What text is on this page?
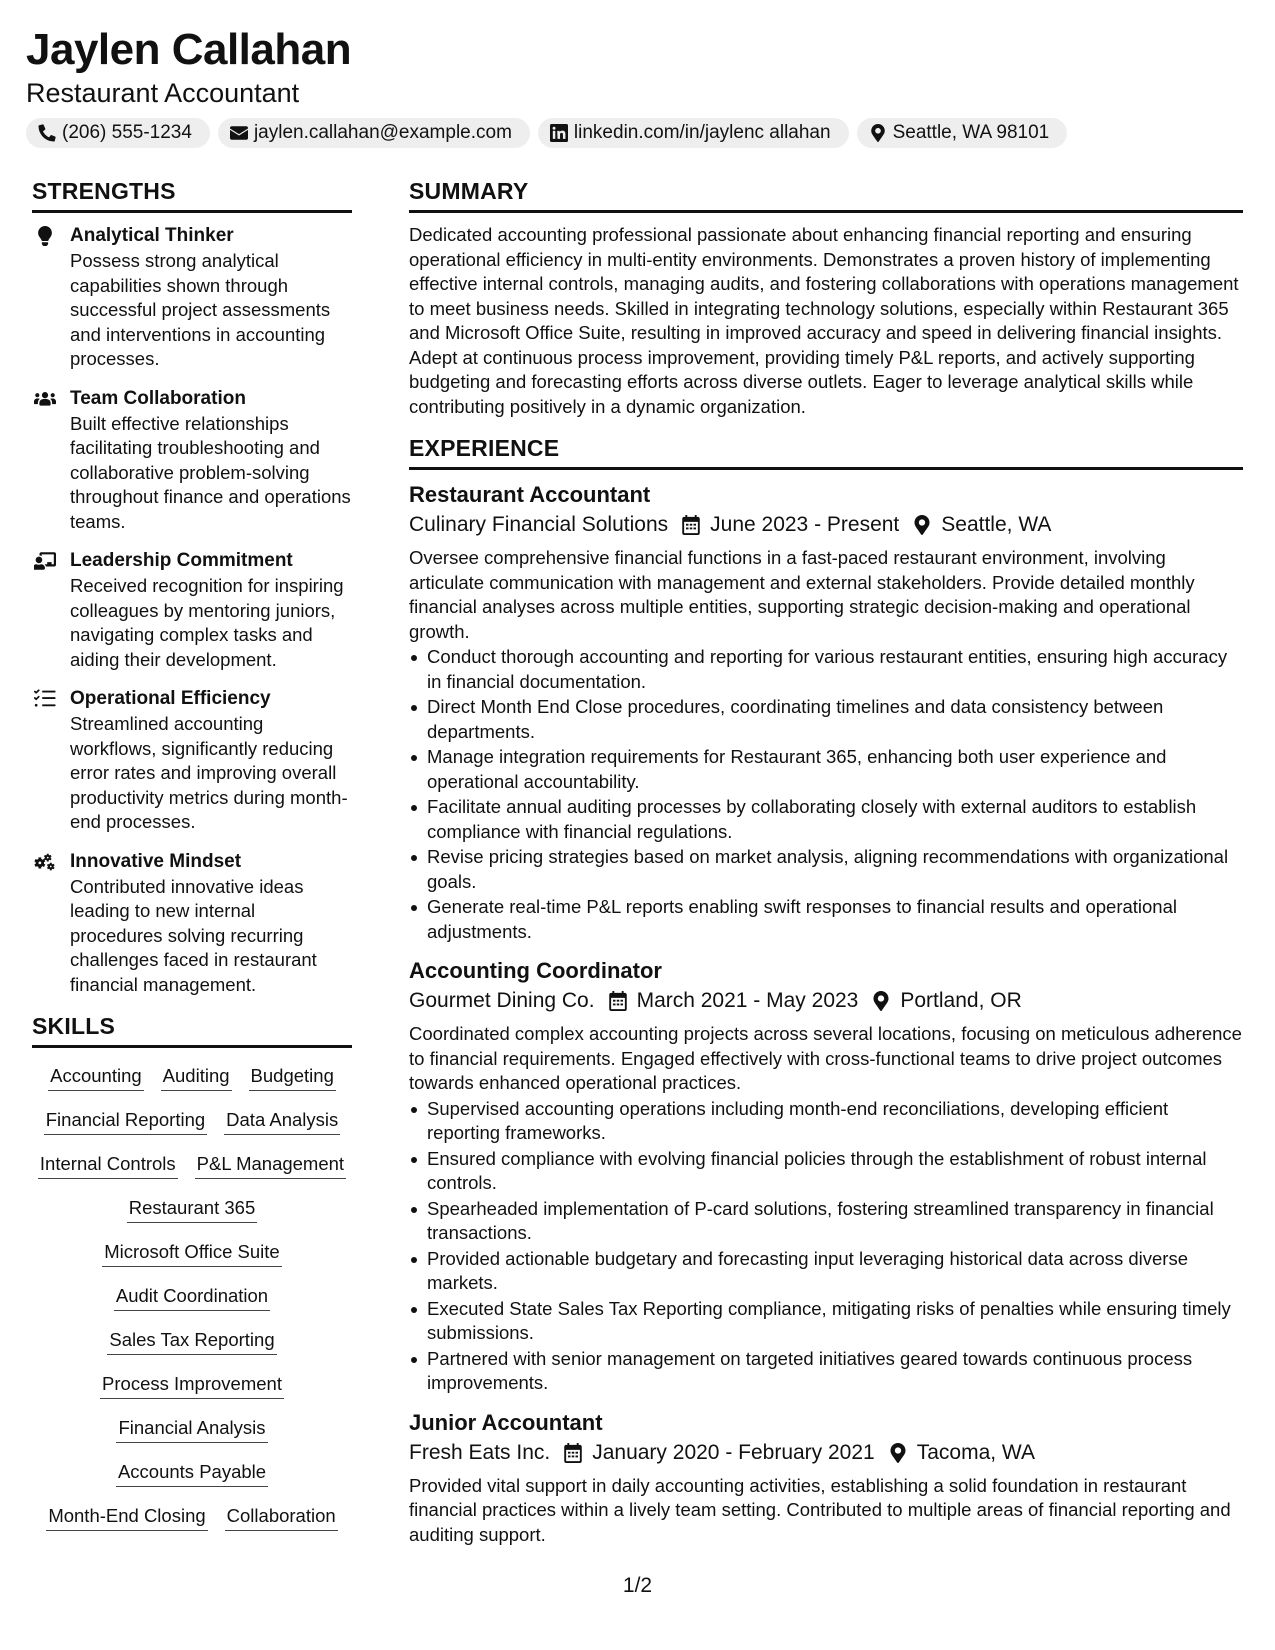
Jaylen Callahan
Restaurant Accountant
(206) 555-1234	jaylen.callahan@example.com	linkedin.com/in/jaylenc allahan	Seattle, WA 98101
STRENGTHS
Analytical Thinker
Possess strong analytical capabilities shown through successful project assessments and interventions in accounting processes.
Team Collaboration
Built effective relationships facilitating troubleshooting and collaborative problem-solving throughout finance and operations teams.
Leadership Commitment
Received recognition for inspiring colleagues by mentoring juniors, navigating complex tasks and aiding their development.
Operational Efficiency
Streamlined accounting workflows, significantly reducing error rates and improving overall productivity metrics during month-end processes.
Innovative Mindset
Contributed innovative ideas leading to new internal procedures solving recurring challenges faced in restaurant financial management.
SKILLS
Accounting Auditing Budgeting
Financial Reporting Data Analysis
Internal Controls P&L Management
Restaurant 365
Microsoft Office Suite
Audit Coordination
Sales Tax Reporting
Process Improvement
Financial Analysis
Accounts Payable
Month-End Closing Collaboration
SUMMARY
Dedicated accounting professional passionate about enhancing financial reporting and ensuring operational efficiency in multi-entity environments. Demonstrates a proven history of implementing effective internal controls, managing audits, and fostering collaborations with operations management to meet business needs. Skilled in integrating technology solutions, especially within Restaurant 365 and Microsoft Office Suite, resulting in improved accuracy and speed in delivering financial insights. Adept at continuous process improvement, providing timely P&L reports, and actively supporting budgeting and forecasting efforts across diverse outlets. Eager to leverage analytical skills while contributing positively in a dynamic organization.
EXPERIENCE
Restaurant Accountant
Culinary Financial Solutions June 2023 - Present Seattle, WA
Oversee comprehensive financial functions in a fast-paced restaurant environment, involving articulate communication with management and external stakeholders. Provide detailed monthly financial analyses across multiple entities, supporting strategic decision-making and operational growth.
Conduct thorough accounting and reporting for various restaurant entities, ensuring high accuracy in financial documentation.
Direct Month End Close procedures, coordinating timelines and data consistency between departments.
Manage integration requirements for Restaurant 365, enhancing both user experience and operational accountability.
Facilitate annual auditing processes by collaborating closely with external auditors to establish compliance with financial regulations.
Revise pricing strategies based on market analysis, aligning recommendations with organizational goals.
Generate real-time P&L reports enabling swift responses to financial results and operational adjustments.
Accounting Coordinator
Gourmet Dining Co. March 2021 - May 2023 Portland, OR
Coordinated complex accounting projects across several locations, focusing on meticulous adherence to financial requirements. Engaged effectively with cross-functional teams to drive project outcomes towards enhanced operational practices.
Supervised accounting operations including month-end reconciliations, developing efficient reporting frameworks.
Ensured compliance with evolving financial policies through the establishment of robust internal controls.
Spearheaded implementation of P-card solutions, fostering streamlined transparency in financial transactions.
Provided actionable budgetary and forecasting input leveraging historical data across diverse markets.
Executed State Sales Tax Reporting compliance, mitigating risks of penalties while ensuring timely submissions.
Partnered with senior management on targeted initiatives geared towards continuous process improvements.
Junior Accountant
Fresh Eats Inc. January 2020 - February 2021 Tacoma, WA
Provided vital support in daily accounting activities, establishing a solid foundation in restaurant financial practices within a lively team setting. Contributed to multiple areas of financial reporting and auditing support.
1/2
